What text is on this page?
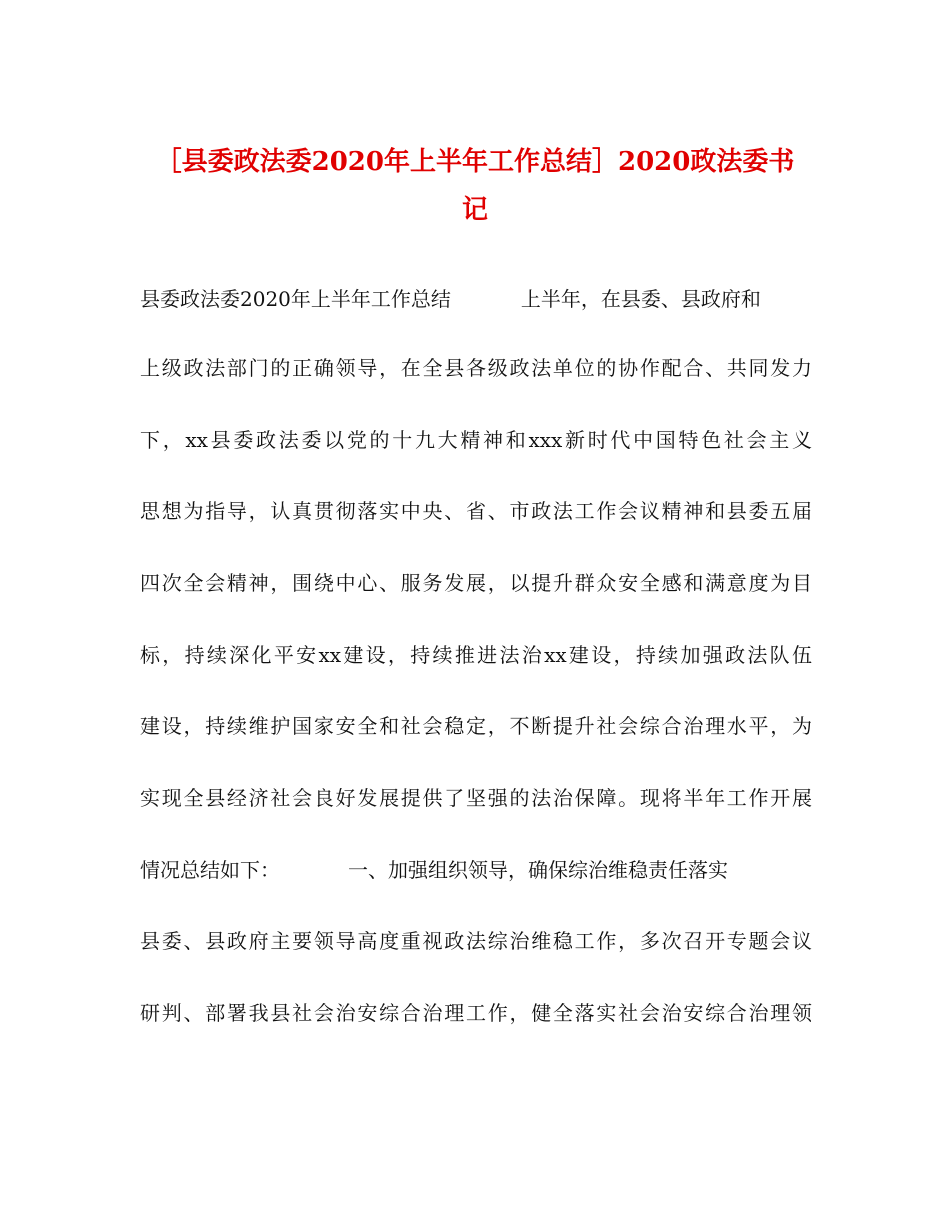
［县委政法委2020年上半年工作总结］2020政法委书
记
县委政法委2020年上半年工作总结	上半年，在县委、县政府和
上级政法部门的正确领导，在全县各级政法单位的协作配合、共同发力
下，xx县委政法委以党的十九大精神和xxx新时代中国特色社会主义
思想为指导，认真贯彻落实中央、省、市政法工作会议精神和县委五届
四次全会精神，围绕中心、服务发展，以提升群众安全感和满意度为目
标，持续深化平安xx建设，持续推进法治xx建设，持续加强政法队伍
建设，持续维护国家安全和社会稳定，不断提升社会综合治理水平，为
实现全县经济社会良好发展提供了坚强的法治保障。现将半年工作开展
情况总结如下：	一、加强组织领导，确保综治维稳责任落实
县委、县政府主要领导高度重视政法综治维稳工作，多次召开专题会议
研判、部署我县社会治安综合治理工作，健全落实社会治安综合治理领
